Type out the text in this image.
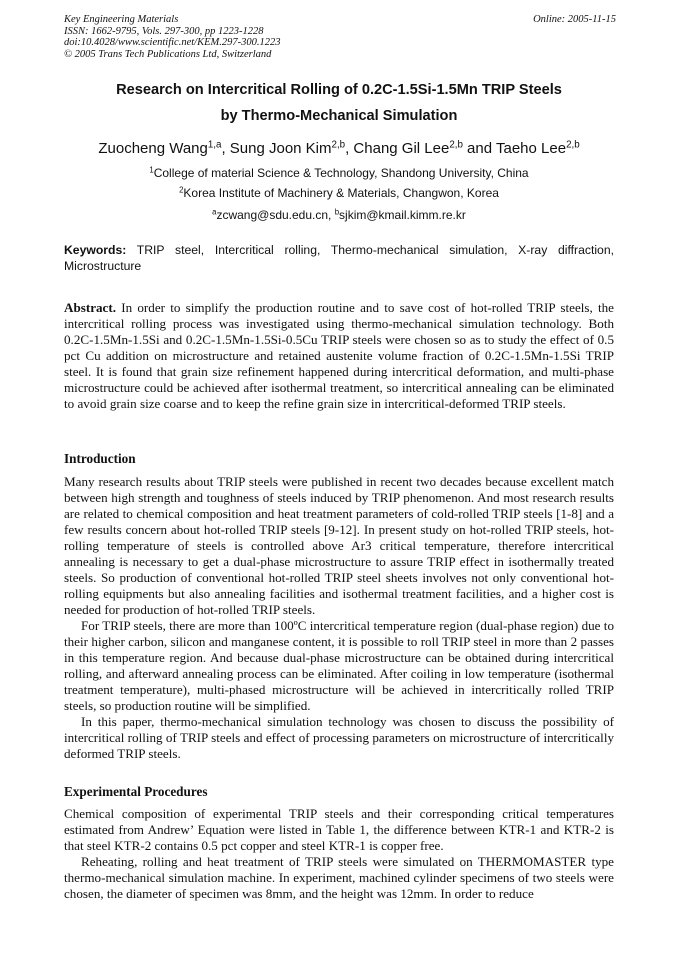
Key Engineering Materials
ISSN: 1662-9795, Vols. 297-300, pp 1223-1228
doi:10.4028/www.scientific.net/KEM.297-300.1223
© 2005 Trans Tech Publications Ltd, Switzerland
Online: 2005-11-15
Research on Intercritical Rolling of 0.2C-1.5Si-1.5Mn TRIP Steels
by Thermo-Mechanical Simulation
Zuocheng Wang$^{1,a}$, Sung Joon Kim$^{2,b}$, Chang Gil Lee$^{2,b}$ and Taeho Lee$^{2,b}$
$^1$College of material Science & Technology, Shandong University, China
$^2$Korea Institute of Machinery & Materials, Changwon, Korea
$^a$zcwang@sdu.edu.cn, $^b$sjkim@kmail.kimm.re.kr
Keywords: TRIP steel, Intercritical rolling, Thermo-mechanical simulation, X-ray diffraction, Microstructure

Abstract. In order to simplify the production routine and to save cost of hot-rolled TRIP steels, the intercritical rolling process was investigated using thermo-mechanical simulation technology. Both 0.2C-1.5Mn-1.5Si and 0.2C-1.5Mn-1.5Si-0.5Cu TRIP steels were chosen so as to study the effect of 0.5 pct Cu addition on microstructure and retained austenite volume fraction of 0.2C-1.5Mn-1.5Si TRIP steel. It is found that grain size refinement happened during intercritical deformation, and multi-phase microstructure could be achieved after isothermal treatment, so intercritical annealing can be eliminated to avoid grain size coarse and to keep the refine grain size in intercritical-deformed TRIP steels.

Introduction

Many research results about TRIP steels were published in recent two decades because excellent match between high strength and toughness of steels induced by TRIP phenomenon. And most research results are related to chemical composition and heat treatment parameters of cold-rolled TRIP steels [1-8] and a few results concern about hot-rolled TRIP steels [9-12]. In present study on hot-rolled TRIP steels, hot-rolling temperature of steels is controlled above Ar3 critical temperature, therefore intercritical annealing is necessary to get a dual-phase microstructure to assure TRIP effect in isothermally treated steels. So production of conventional hot-rolled TRIP steel sheets involves not only conventional hot-rolling equipments but also annealing facilities and isothermal treatment facilities, and a higher cost is needed for production of hot-rolled TRIP steels.

For TRIP steels, there are more than 100ºC intercritical temperature region (dual-phase region) due to their higher carbon, silicon and manganese content, it is possible to roll TRIP steel in more than 2 passes in this temperature region. And because dual-phase microstructure can be obtained during intercritical rolling, and afterward annealing process can be eliminated. After coiling in low temperature (isothermal treatment temperature), multi-phased microstructure will be achieved in intercritically rolled TRIP steels, so production routine will be simplified.

In this paper, thermo-mechanical simulation technology was chosen to discuss the possibility of intercritical rolling of TRIP steels and effect of processing parameters on microstructure of intercritically deformed TRIP steels.

Experimental Procedures

Chemical composition of experimental TRIP steels and their corresponding critical temperatures estimated from Andrew’ Equation were listed in Table 1, the difference between KTR-1 and KTR-2 is that steel KTR-2 contains 0.5 pct copper and steel KTR-1 is copper free.

Reheating, rolling and heat treatment of TRIP steels were simulated on THERMOMASTER type thermo-mechanical simulation machine. In experiment, machined cylinder specimens of two steels were chosen, the diameter of specimen was 8mm, and the height was 12mm. In order to reduce
